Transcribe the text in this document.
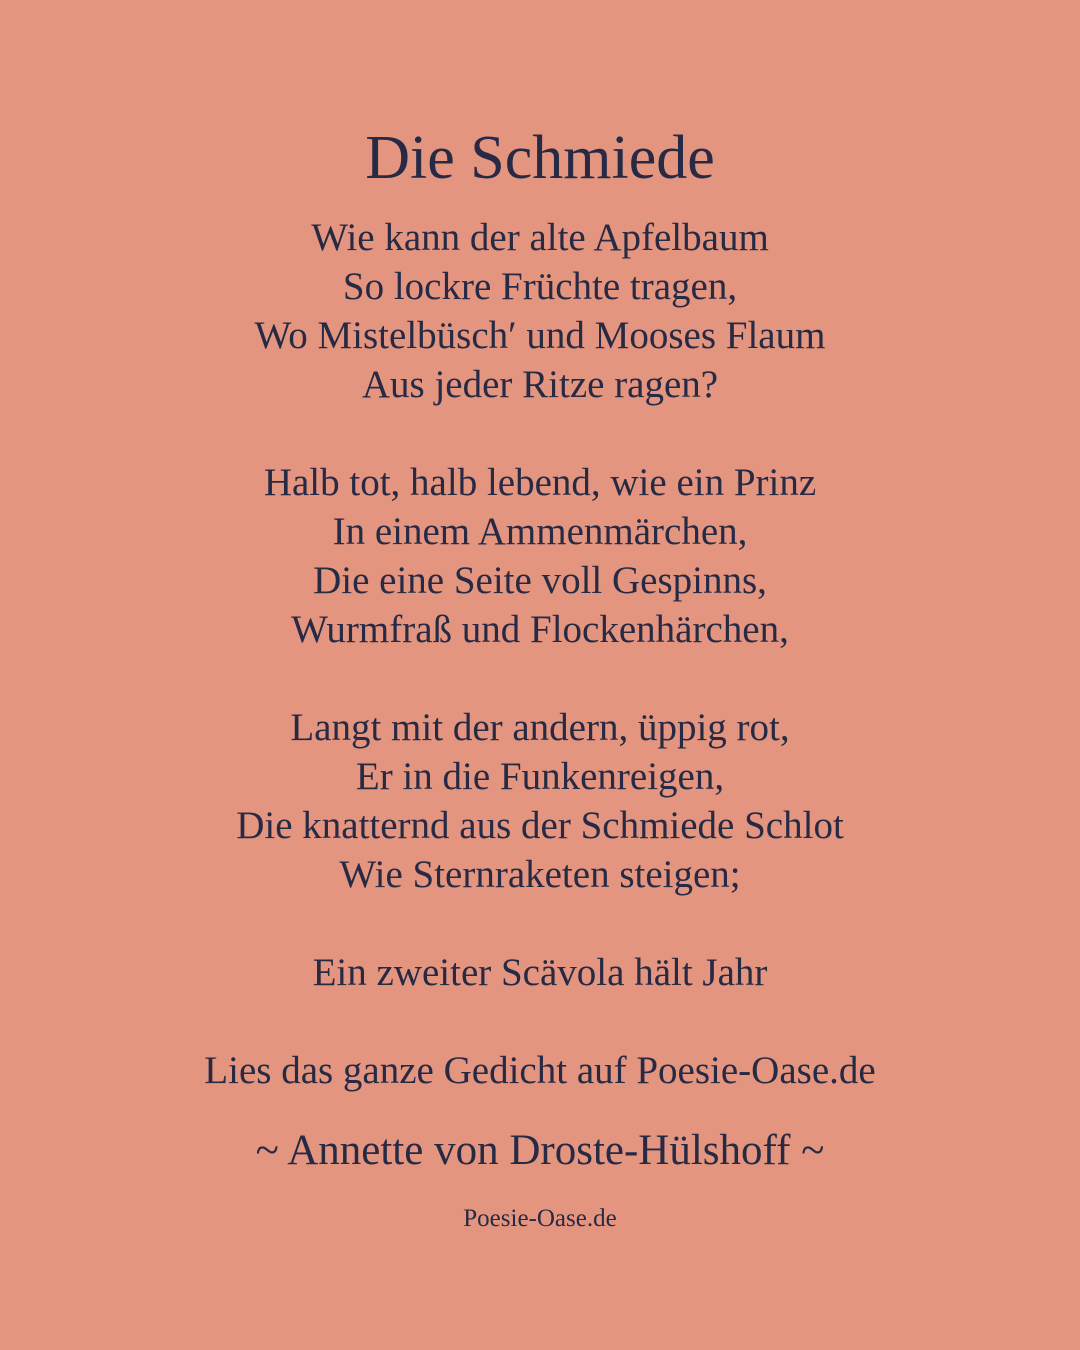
Die Schmiede
Wie kann der alte Apfelbaum
So lockre Früchte tragen,
Wo Mistelbüsch′ und Mooses Flaum
Aus jeder Ritze ragen?
Halb tot, halb lebend, wie ein Prinz
In einem Ammenmärchen,
Die eine Seite voll Gespinns,
Wurmfraß und Flockenhärchen,
Langt mit der andern, üppig rot,
Er in die Funkenreigen,
Die knatternd aus der Schmiede Schlot
Wie Sternraketen steigen;
Ein zweiter Scävola hält Jahr
Lies das ganze Gedicht auf Poesie-Oase.de
~ Annette von Droste-Hülshoff ~
Poesie-Oase.de
